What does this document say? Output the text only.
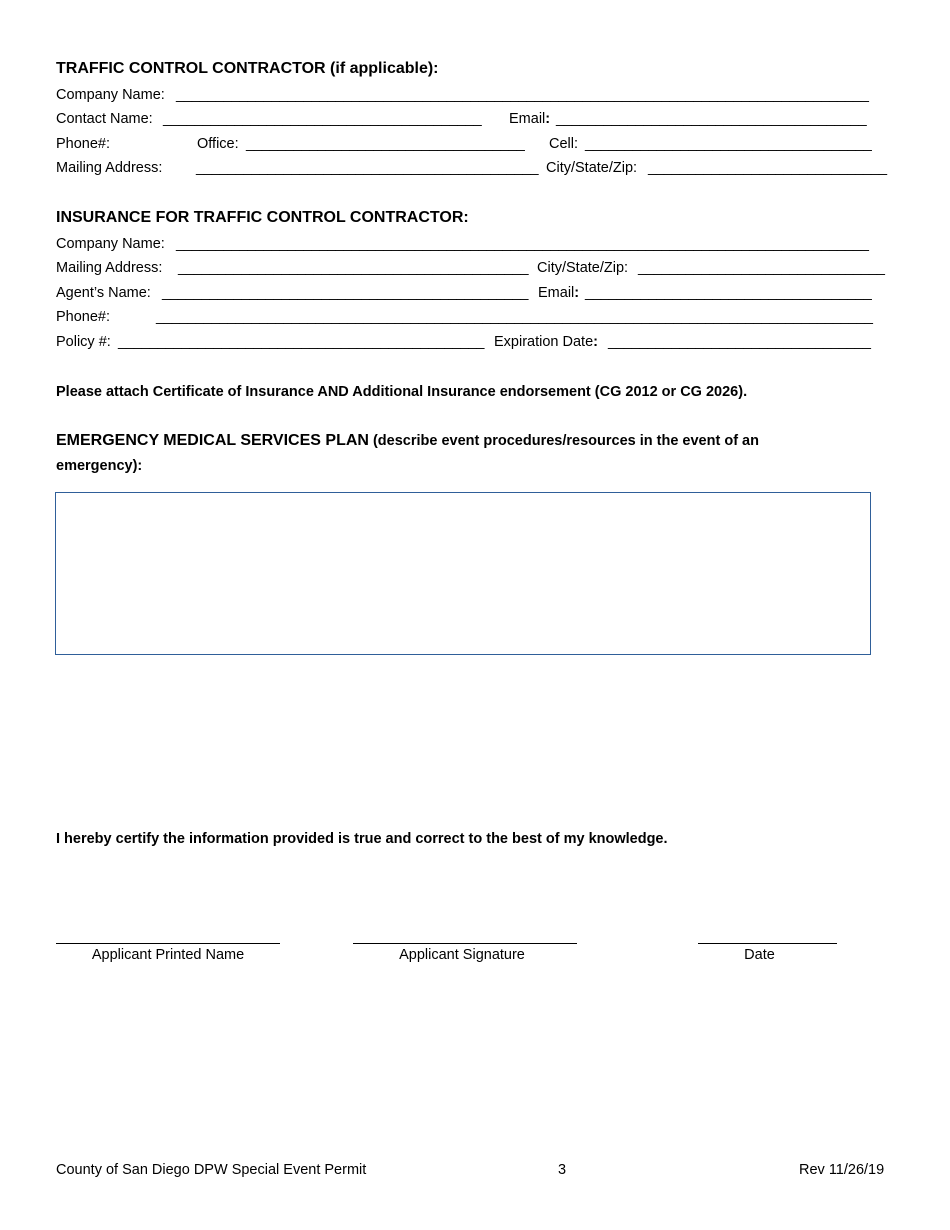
TRAFFIC CONTROL CONTRACTOR (if applicable):
Company Name: _______________________________________________________________________________________
Contact Name: ________________________________________ Email: _______________________________________
Phone#:	Office: ___________________________________ Cell: ____________________________________
Mailing Address: ___________________________________________ City/State/Zip: ______________________________
INSURANCE FOR TRAFFIC CONTROL CONTRACTOR:
Company Name: _______________________________________________________________________________________
Mailing Address: ____________________________________________ City/State/Zip: _______________________________
Agent’s Name: ______________________________________________ Email: ____________________________________
Phone#:	__________________________________________________________________________________________
Policy #: ______________________________________________ Expiration Date: _________________________________
Please attach Certificate of Insurance AND Additional Insurance endorsement (CG 2012 or CG 2026).
EMERGENCY MEDICAL SERVICES PLAN (describe event procedures/resources in the event of an
emergency):
I hereby certify the information provided is true and correct to the best of my knowledge.
Applicant Printed Name	Applicant Signature	Date
County of San Diego DPW Special Event Permit	3	Rev 11/26/19
